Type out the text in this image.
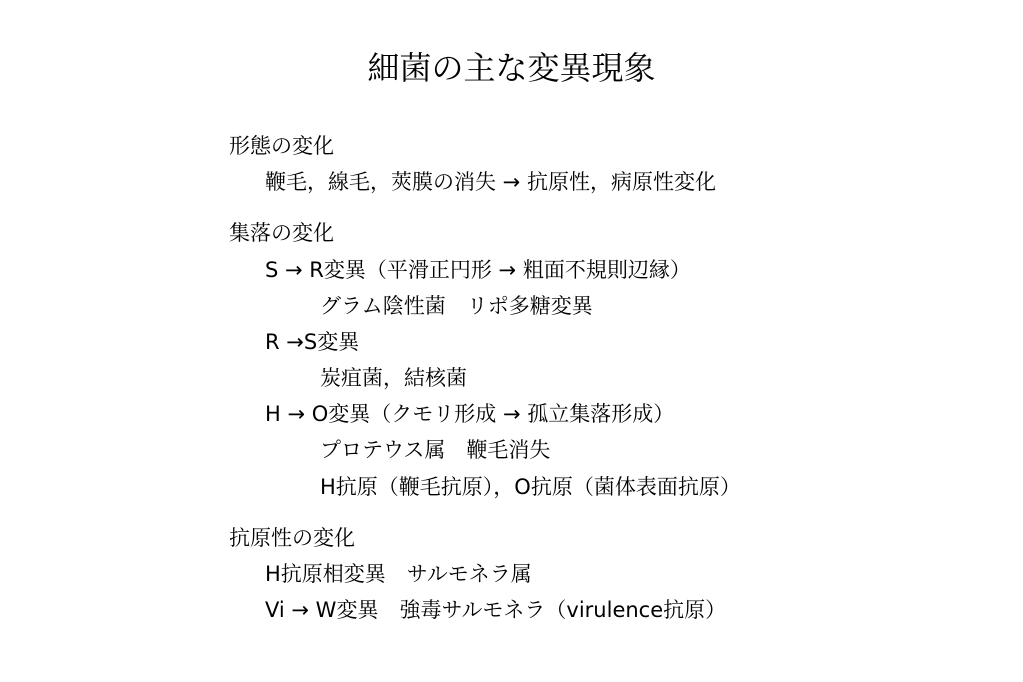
細菌の主な変異現象
形態の変化
鞭毛，線毛，莢膜の消失 → 抗原性，病原性変化
集落の変化
S → R変異（平滑正円形 → 粗面不規則辺縁）
グラム陰性菌　リポ多糖変異
R →S変異
炭疽菌，結核菌
H → O変異（クモリ形成 → 孤立集落形成）
プロテウス属　鞭毛消失
H抗原（鞭毛抗原），O抗原（菌体表面抗原）
抗原性の変化
H抗原相変異　サルモネラ属
Vi → W変異　強毒サルモネラ（virulence抗原）
